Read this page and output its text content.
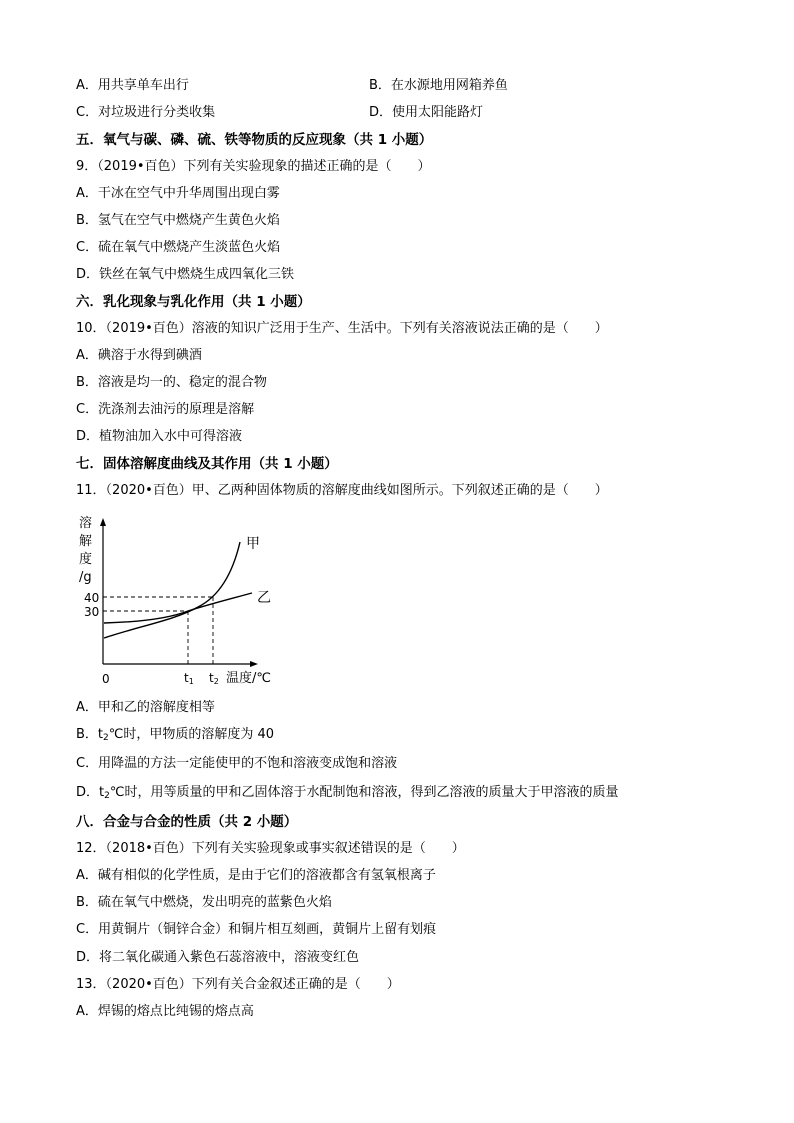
A．用共享单车出行	B．在水源地用网箱养鱼
C．对垃圾进行分类收集	D．使用太阳能路灯
五．氧气与碳、磷、硫、铁等物质的反应现象（共 1 小题）
9．（2019•百色）下列有关实验现象的描述正确的是（　　）
A．干冰在空气中升华周围出现白雾
B．氢气在空气中燃烧产生黄色火焰
C．硫在氧气中燃烧产生淡蓝色火焰
D．铁丝在氧气中燃烧生成四氧化三铁
六．乳化现象与乳化作用（共 1 小题）
10．（2019•百色）溶液的知识广泛用于生产、生活中。下列有关溶液说法正确的是（　　）
A．碘溶于水得到碘酒
B．溶液是均一的、稳定的混合物
C．洗涤剂去油污的原理是溶解
D．植物油加入水中可得溶液
七．固体溶解度曲线及其作用（共 1 小题）
11．（2020•百色）甲、乙两种固体物质的溶解度曲线如图所示。下列叙述正确的是（　　）
溶
解
度
/g
甲
乙
40
30
0	t1 t2 温度/℃
A．甲和乙的溶解度相等
B．$t_2℃$时，甲物质的溶解度为 40
C．用降温的方法一定能使甲的不饱和溶液变成饱和溶液
D．$t_2℃$时，用等质量的甲和乙固体溶于水配制饱和溶液，得到乙溶液的质量大于甲溶液的质量
八．合金与合金的性质（共 2 小题）
12．（2018•百色）下列有关实验现象或事实叙述错误的是（　　）
A．碱有相似的化学性质，是由于它们的溶液都含有氢氧根离子
B．硫在氧气中燃烧，发出明亮的蓝紫色火焰
C．用黄铜片（铜锌合金）和铜片相互刻画，黄铜片上留有划痕
D．将二氧化碳通入紫色石蕊溶液中，溶液变红色
13．（2020•百色）下列有关合金叙述正确的是（　　）
A．焊锡的熔点比纯锡的熔点高
